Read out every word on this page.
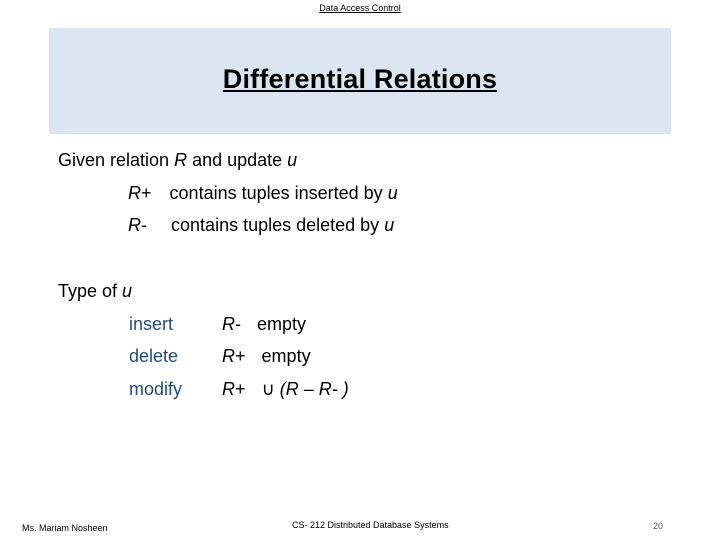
Data Access Control
Differential Relations
Given relation R and update u
R+ contains tuples inserted by u
R- contains tuples deleted by u
Type of u
insert	R- empty
delete R+ empty
modify R+ ∪ (R – R- )
Ms. Mariam Nosheen	CS- 212 Distributed Database Systems	20
